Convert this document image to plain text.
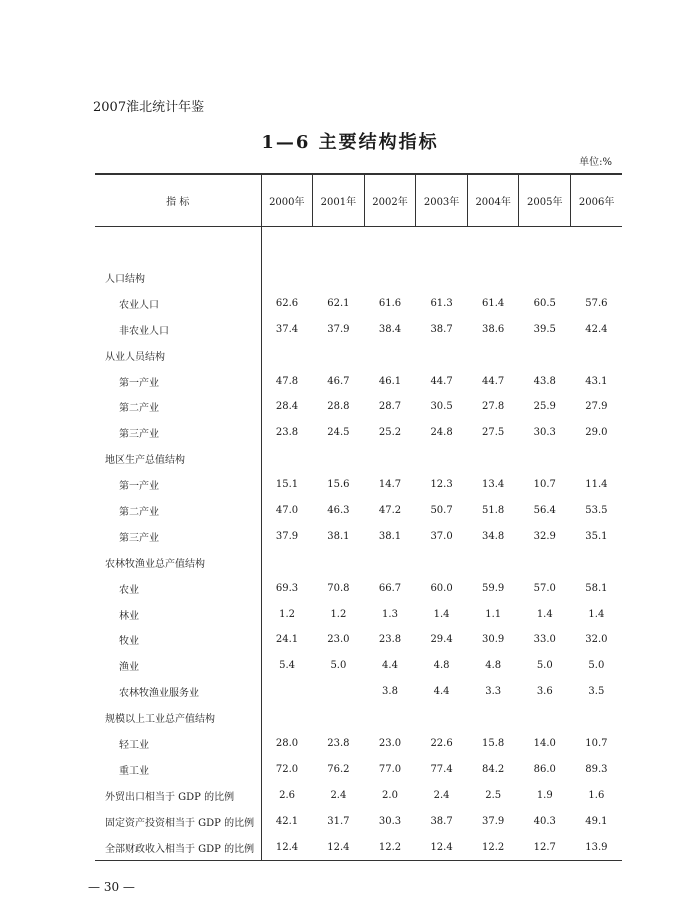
2007淮北统计年鉴
1—6 主要结构指标
单位:%
指 标	2000年	2001年	2002年	2003年	2004年	2005年	2006年

人口结构							
农业人口	62.6	62.1	61.6	61.3	61.4	60.5	57.6
非农业人口	37.4	37.9	38.4	38.7	38.6	39.5	42.4
从业人员结构							
第一产业	47.8	46.7	46.1	44.7	44.7	43.8	43.1
第二产业	28.4	28.8	28.7	30.5	27.8	25.9	27.9
第三产业	23.8	24.5	25.2	24.8	27.5	30.3	29.0
地区生产总值结构							
第一产业	15.1	15.6	14.7	12.3	13.4	10.7	11.4
第二产业	47.0	46.3	47.2	50.7	51.8	56.4	53.5
第三产业	37.9	38.1	38.1	37.0	34.8	32.9	35.1
农林牧渔业总产值结构							
农业	69.3	70.8	66.7	60.0	59.9	57.0	58.1
林业	1.2	1.2	1.3	1.4	1.1	1.4	1.4
牧业	24.1	23.0	23.8	29.4	30.9	33.0	32.0
渔业	5.4	5.0	4.4	4.8	4.8	5.0	5.0
农林牧渔业服务业			3.8	4.4	3.3	3.6	3.5
规模以上工业总产值结构							
轻工业	28.0	23.8	23.0	22.6	15.8	14.0	10.7
重工业	72.0	76.2	77.0	77.4	84.2	86.0	89.3
外贸出口相当于 GDP 的比例	2.6	2.4	2.0	2.4	2.5	1.9	1.6
固定资产投资相当于 GDP 的比例	42.1	31.7	30.3	38.7	37.9	40.3	49.1
全部财政收入相当于 GDP 的比例	12.4	12.4	12.2	12.4	12.2	12.7	13.9
— 30 —
